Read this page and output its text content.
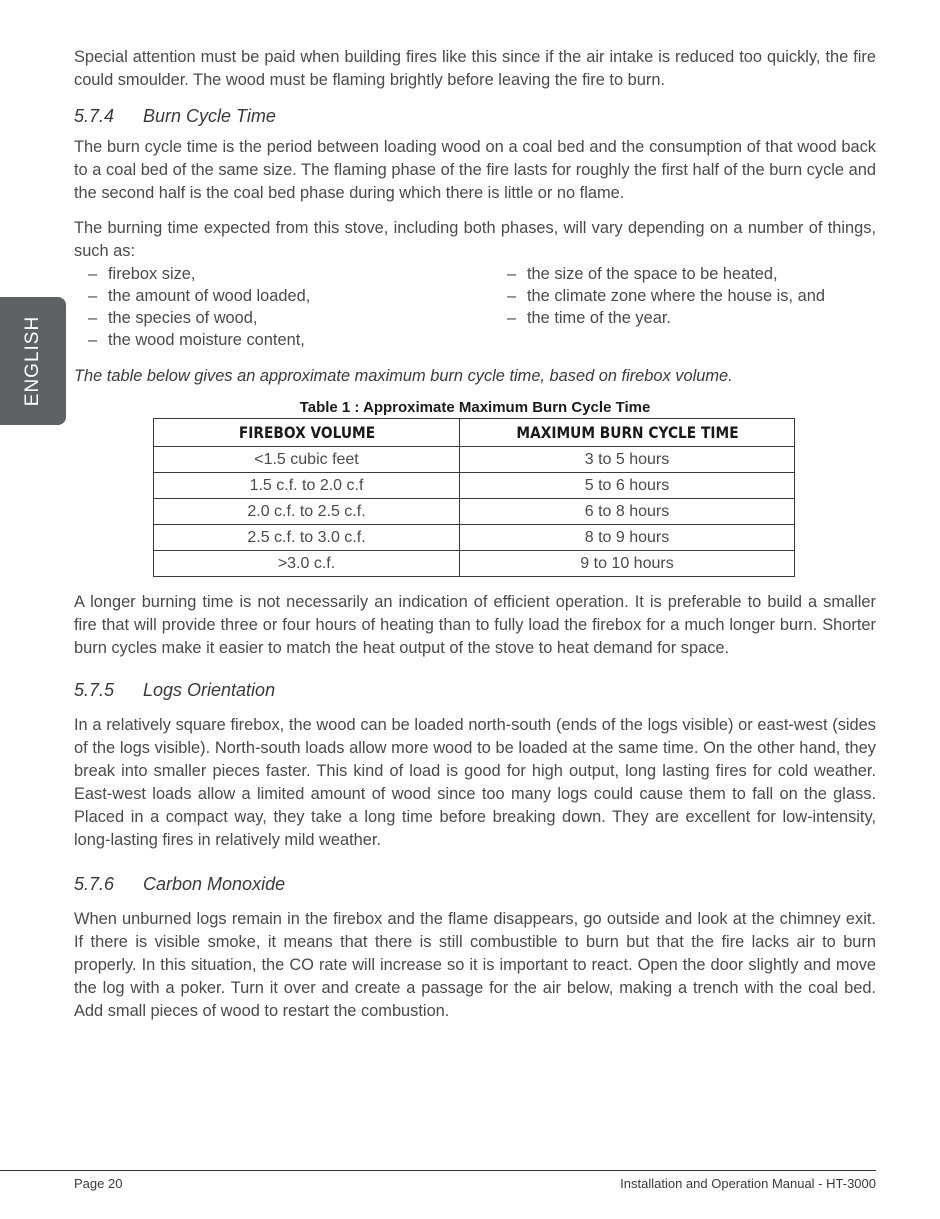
ENGLISH

Special attention must be paid when building fires like this since if the air intake is reduced too quickly, the fire could smoulder. The wood must be flaming brightly before leaving the fire to burn.

5.7.4 Burn Cycle Time

The burn cycle time is the period between loading wood on a coal bed and the consumption of that wood back to a coal bed of the same size. The flaming phase of the fire lasts for roughly the first half of the burn cycle and the second half is the coal bed phase during which there is little or no flame.

The burning time expected from this stove, including both phases, will vary depending on a number of things, such as:

– firebox size,
– the amount of wood loaded,
– the species of wood,
– the wood moisture content,
– the size of the space to be heated,
– the climate zone where the house is, and
– the time of the year.
The table below gives an approximate maximum burn cycle time, based on firebox volume.
Table 1 : Approximate Maximum Burn Cycle Time
FIREBOX VOLUME	MAXIMUM BURN CYCLE TIME
<1.5 cubic feet	3 to 5 hours
1.5 c.f. to 2.0 c.f	5 to 6 hours
2.0 c.f. to 2.5 c.f.	6 to 8 hours
2.5 c.f. to 3.0 c.f.	8 to 9 hours
>3.0 c.f.	9 to 10 hours

A longer burning time is not necessarily an indication of efficient operation. It is preferable to build a smaller fire that will provide three or four hours of heating than to fully load the firebox for a much longer burn. Shorter burn cycles make it easier to match the heat output of the stove to heat demand for space.

5.7.5 Logs Orientation

In a relatively square firebox, the wood can be loaded north-south (ends of the logs visible) or east-west (sides of the logs visible). North-south loads allow more wood to be loaded at the same time. On the other hand, they break into smaller pieces faster. This kind of load is good for high output, long lasting fires for cold weather. East-west loads allow a limited amount of wood since too many logs could cause them to fall on the glass. Placed in a compact way, they take a long time before breaking down. They are excellent for low-intensity, long-lasting fires in relatively mild weather.

5.7.6 Carbon Monoxide

When unburned logs remain in the firebox and the flame disappears, go outside and look at the chimney exit. If there is visible smoke, it means that there is still combustible to burn but that the fire lacks air to burn properly. In this situation, the CO rate will increase so it is important to react. Open the door slightly and move the log with a poker. Turn it over and create a passage for the air below, making a trench with the coal bed. Add small pieces of wood to restart the combustion.

Page 20	Installation and Operation Manual - HT-3000
